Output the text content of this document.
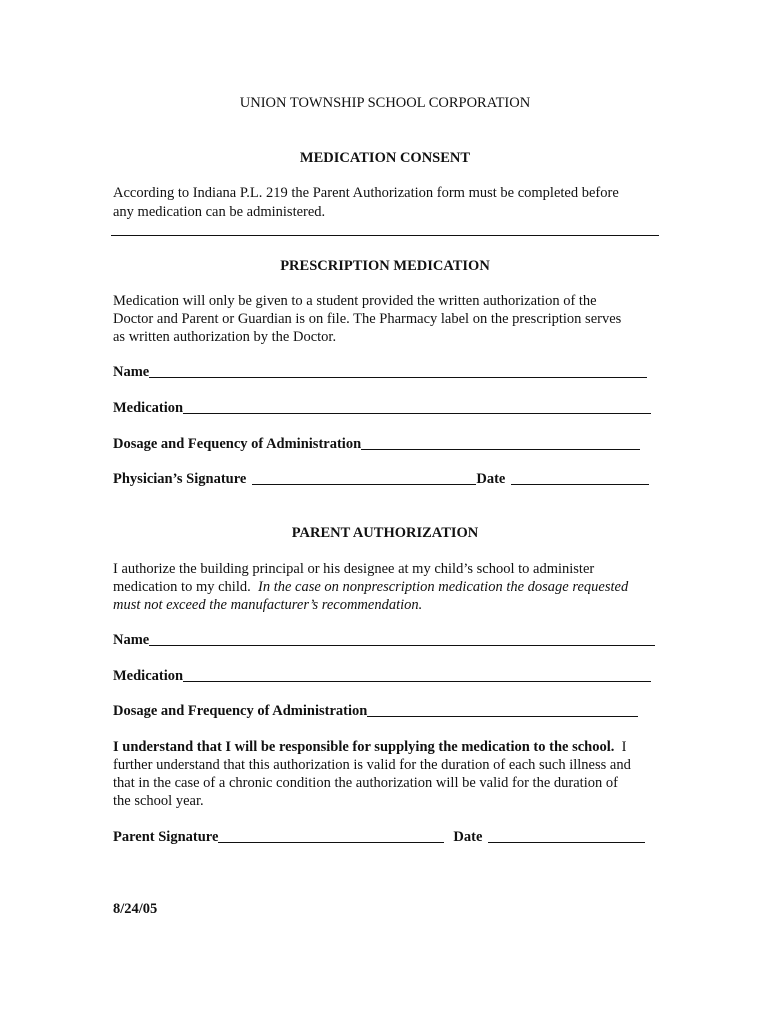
UNION TOWNSHIP SCHOOL CORPORATION
MEDICATION CONSENT
According to Indiana P.L. 219 the Parent Authorization form must be completed before
any medication can be administered.
PRESCRIPTION MEDICATION
Medication will only be given to a student provided the written authorization of the
Doctor and Parent or Guardian is on file. The Pharmacy label on the prescription serves
as written authorization by the Doctor.
Name
Medication
Dosage and Fequency of Administration
Physician’s Signature	Date
PARENT AUTHORIZATION
I authorize the building principal or his designee at my child’s school to administer
medication to my child.  In the case on nonprescription medication the dosage requested
must not exceed the manufacturer’s recommendation.
Name
Medication
Dosage and Frequency of Administration
I understand that I will be responsible for supplying the medication to the school.  I
further understand that this authorization is valid for the duration of each such illness and
that in the case of a chronic condition the authorization will be valid for the duration of
the school year.
Parent Signature	Date
8/24/05
